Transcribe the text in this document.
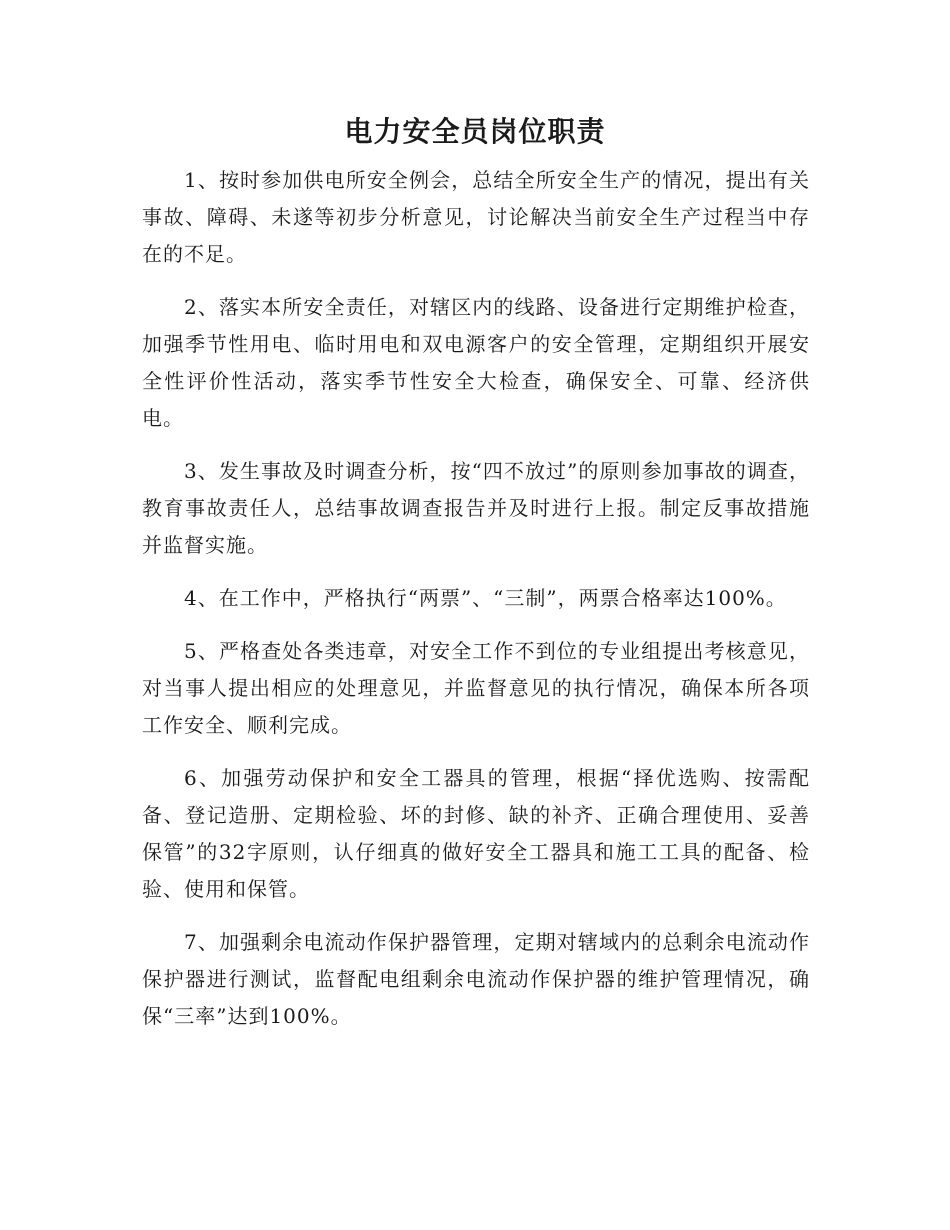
电力安全员岗位职责

1、按时参加供电所安全例会，总结全所安全生产的情况，提出有关事故、障碍、未遂等初步分析意见，讨论解决当前安全生产过程当中存在的不足。

2、落实本所安全责任，对辖区内的线路、设备进行定期维护检查，加强季节性用电、临时用电和双电源客户的安全管理，定期组织开展安全性评价性活动，落实季节性安全大检查，确保安全、可靠、经济供电。

3、发生事故及时调查分析，按“四不放过”的原则参加事故的调查，教育事故责任人，总结事故调查报告并及时进行上报。制定反事故措施并监督实施。

4、在工作中，严格执行“两票”、“三制”，两票合格率达100%。

5、严格查处各类违章，对安全工作不到位的专业组提出考核意见，对当事人提出相应的处理意见，并监督意见的执行情况，确保本所各项工作安全、顺利完成。

6、加强劳动保护和安全工器具的管理，根据“择优选购、按需配备、登记造册、定期检验、坏的封修、缺的补齐、正确合理使用、妥善保管”的32字原则，认仔细真的做好安全工器具和施工工具的配备、检验、使用和保管。

7、加强剩余电流动作保护器管理，定期对辖域内的总剩余电流动作保护器进行测试，监督配电组剩余电流动作保护器的维护管理情况，确保“三率”达到100%。
